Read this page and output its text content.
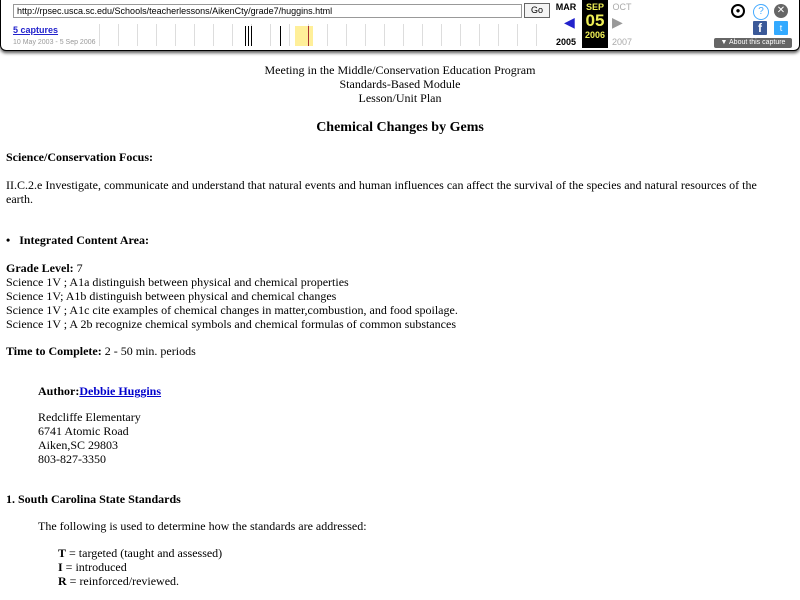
http://rpsec.usca.sc.edu/Schools/teacherlessons/AikenCty/grade7/huggins.html	Go
5 captures
10 May 2003 - 5 Sep 2006
MAR
◀
2005
SEP
05
2006
OCT
▶
2007
●	?	✕
f	t
▼ About this capture
Meeting in the Middle/Conservation Education Program
Standards-Based Module
Lesson/Unit Plan
Chemical Changes by Gems
Science/Conservation Focus:
II.C.2.e Investigate, communicate and understand that natural events and human influences can affect the survival of the species and natural resources of the
earth.
•   Integrated Content Area:
Grade Level: 7
Science 1V ; A1a distinguish between physical and chemical properties
Science 1V; A1b distinguish between physical and chemical changes
Science 1V ; A1c cite examples of chemical changes in matter,combustion, and food spoilage.
Science 1V ; A 2b recognize chemical symbols and chemical formulas of common substances
Time to Complete: 2 - 50 min. periods
Author:Debbie Huggins
Redcliffe Elementary
6741 Atomic Road
Aiken,SC 29803
803-827-3350
1. South Carolina State Standards
The following is used to determine how the standards are addressed:
T = targeted (taught and assessed)
I = introduced
R = reinforced/reviewed.
